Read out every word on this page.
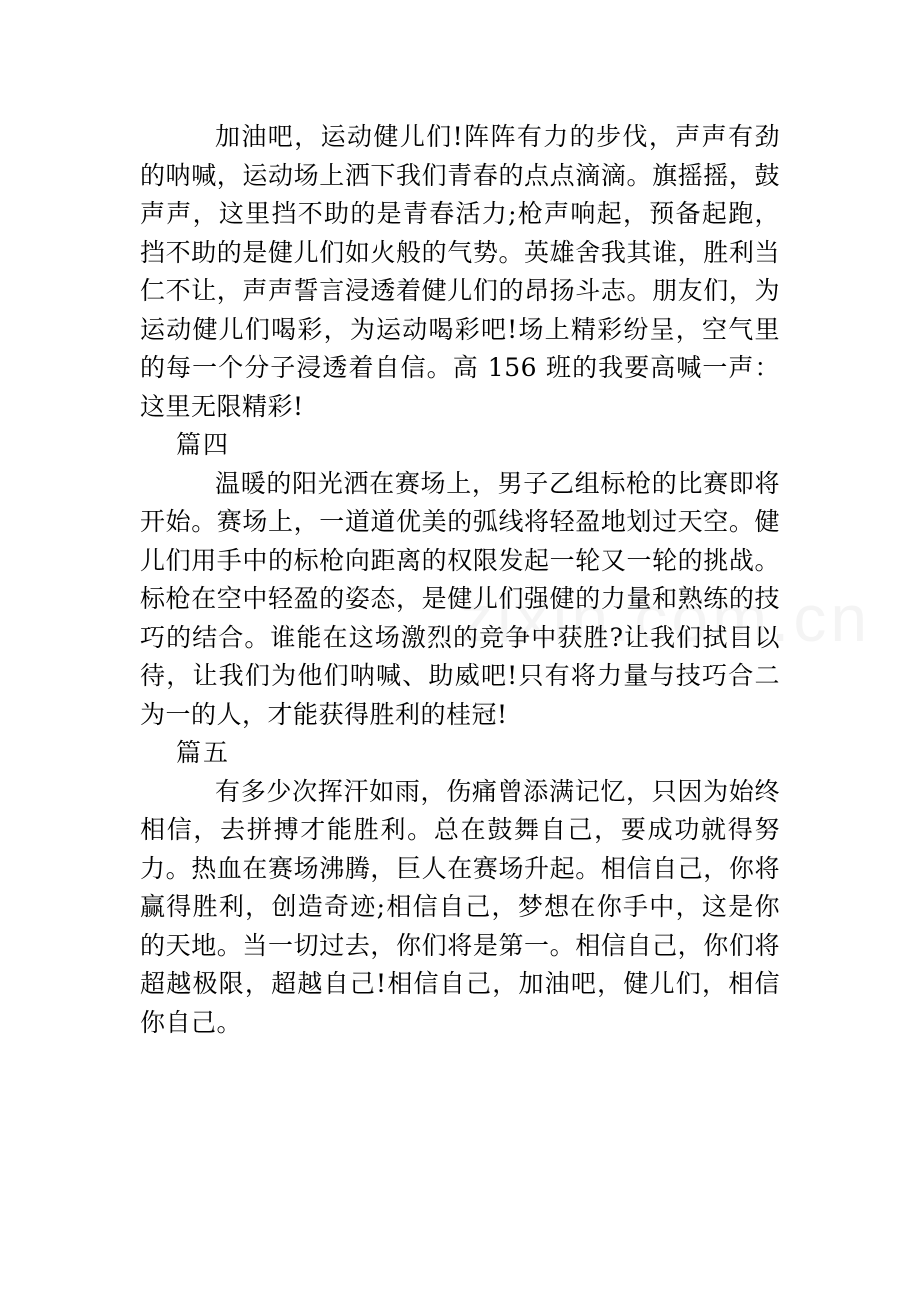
加油吧，运动健儿们!阵阵有力的步伐，声声有劲的呐喊，运动场上洒下我们青春的点点滴滴。旗摇摇，鼓声声，这里挡不助的是青春活力;枪声响起，预备起跑，挡不助的是健儿们如火般的气势。英雄舍我其谁，胜利当仁不让，声声誓言浸透着健儿们的昂扬斗志。朋友们，为运动健儿们喝彩，为运动喝彩吧!场上精彩纷呈，空气里的每一个分子浸透着自信。高 156 班的我要高喊一声：这里无限精彩!

篇四

温暖的阳光洒在赛场上，男子乙组标枪的比赛即将开始。赛场上，一道道优美的弧线将轻盈地划过天空。健儿们用手中的标枪向距离的权限发起一轮又一轮的挑战。标枪在空中轻盈的姿态，是健儿们强健的力量和熟练的技巧的结合。谁能在这场激烈的竞争中获胜?让我们拭目以待，让我们为他们呐喊、助威吧!只有将力量与技巧合二为一的人，才能获得胜利的桂冠!

篇五

有多少次挥汗如雨，伤痛曾添满记忆，只因为始终相信，去拼搏才能胜利。总在鼓舞自己，要成功就得努力。热血在赛场沸腾，巨人在赛场升起。相信自己，你将赢得胜利，创造奇迹;相信自己，梦想在你手中，这是你的天地。当一切过去，你们将是第一。相信自己，你们将超越极限，超越自己!相信自己，加油吧，健儿们，相信你自己。
